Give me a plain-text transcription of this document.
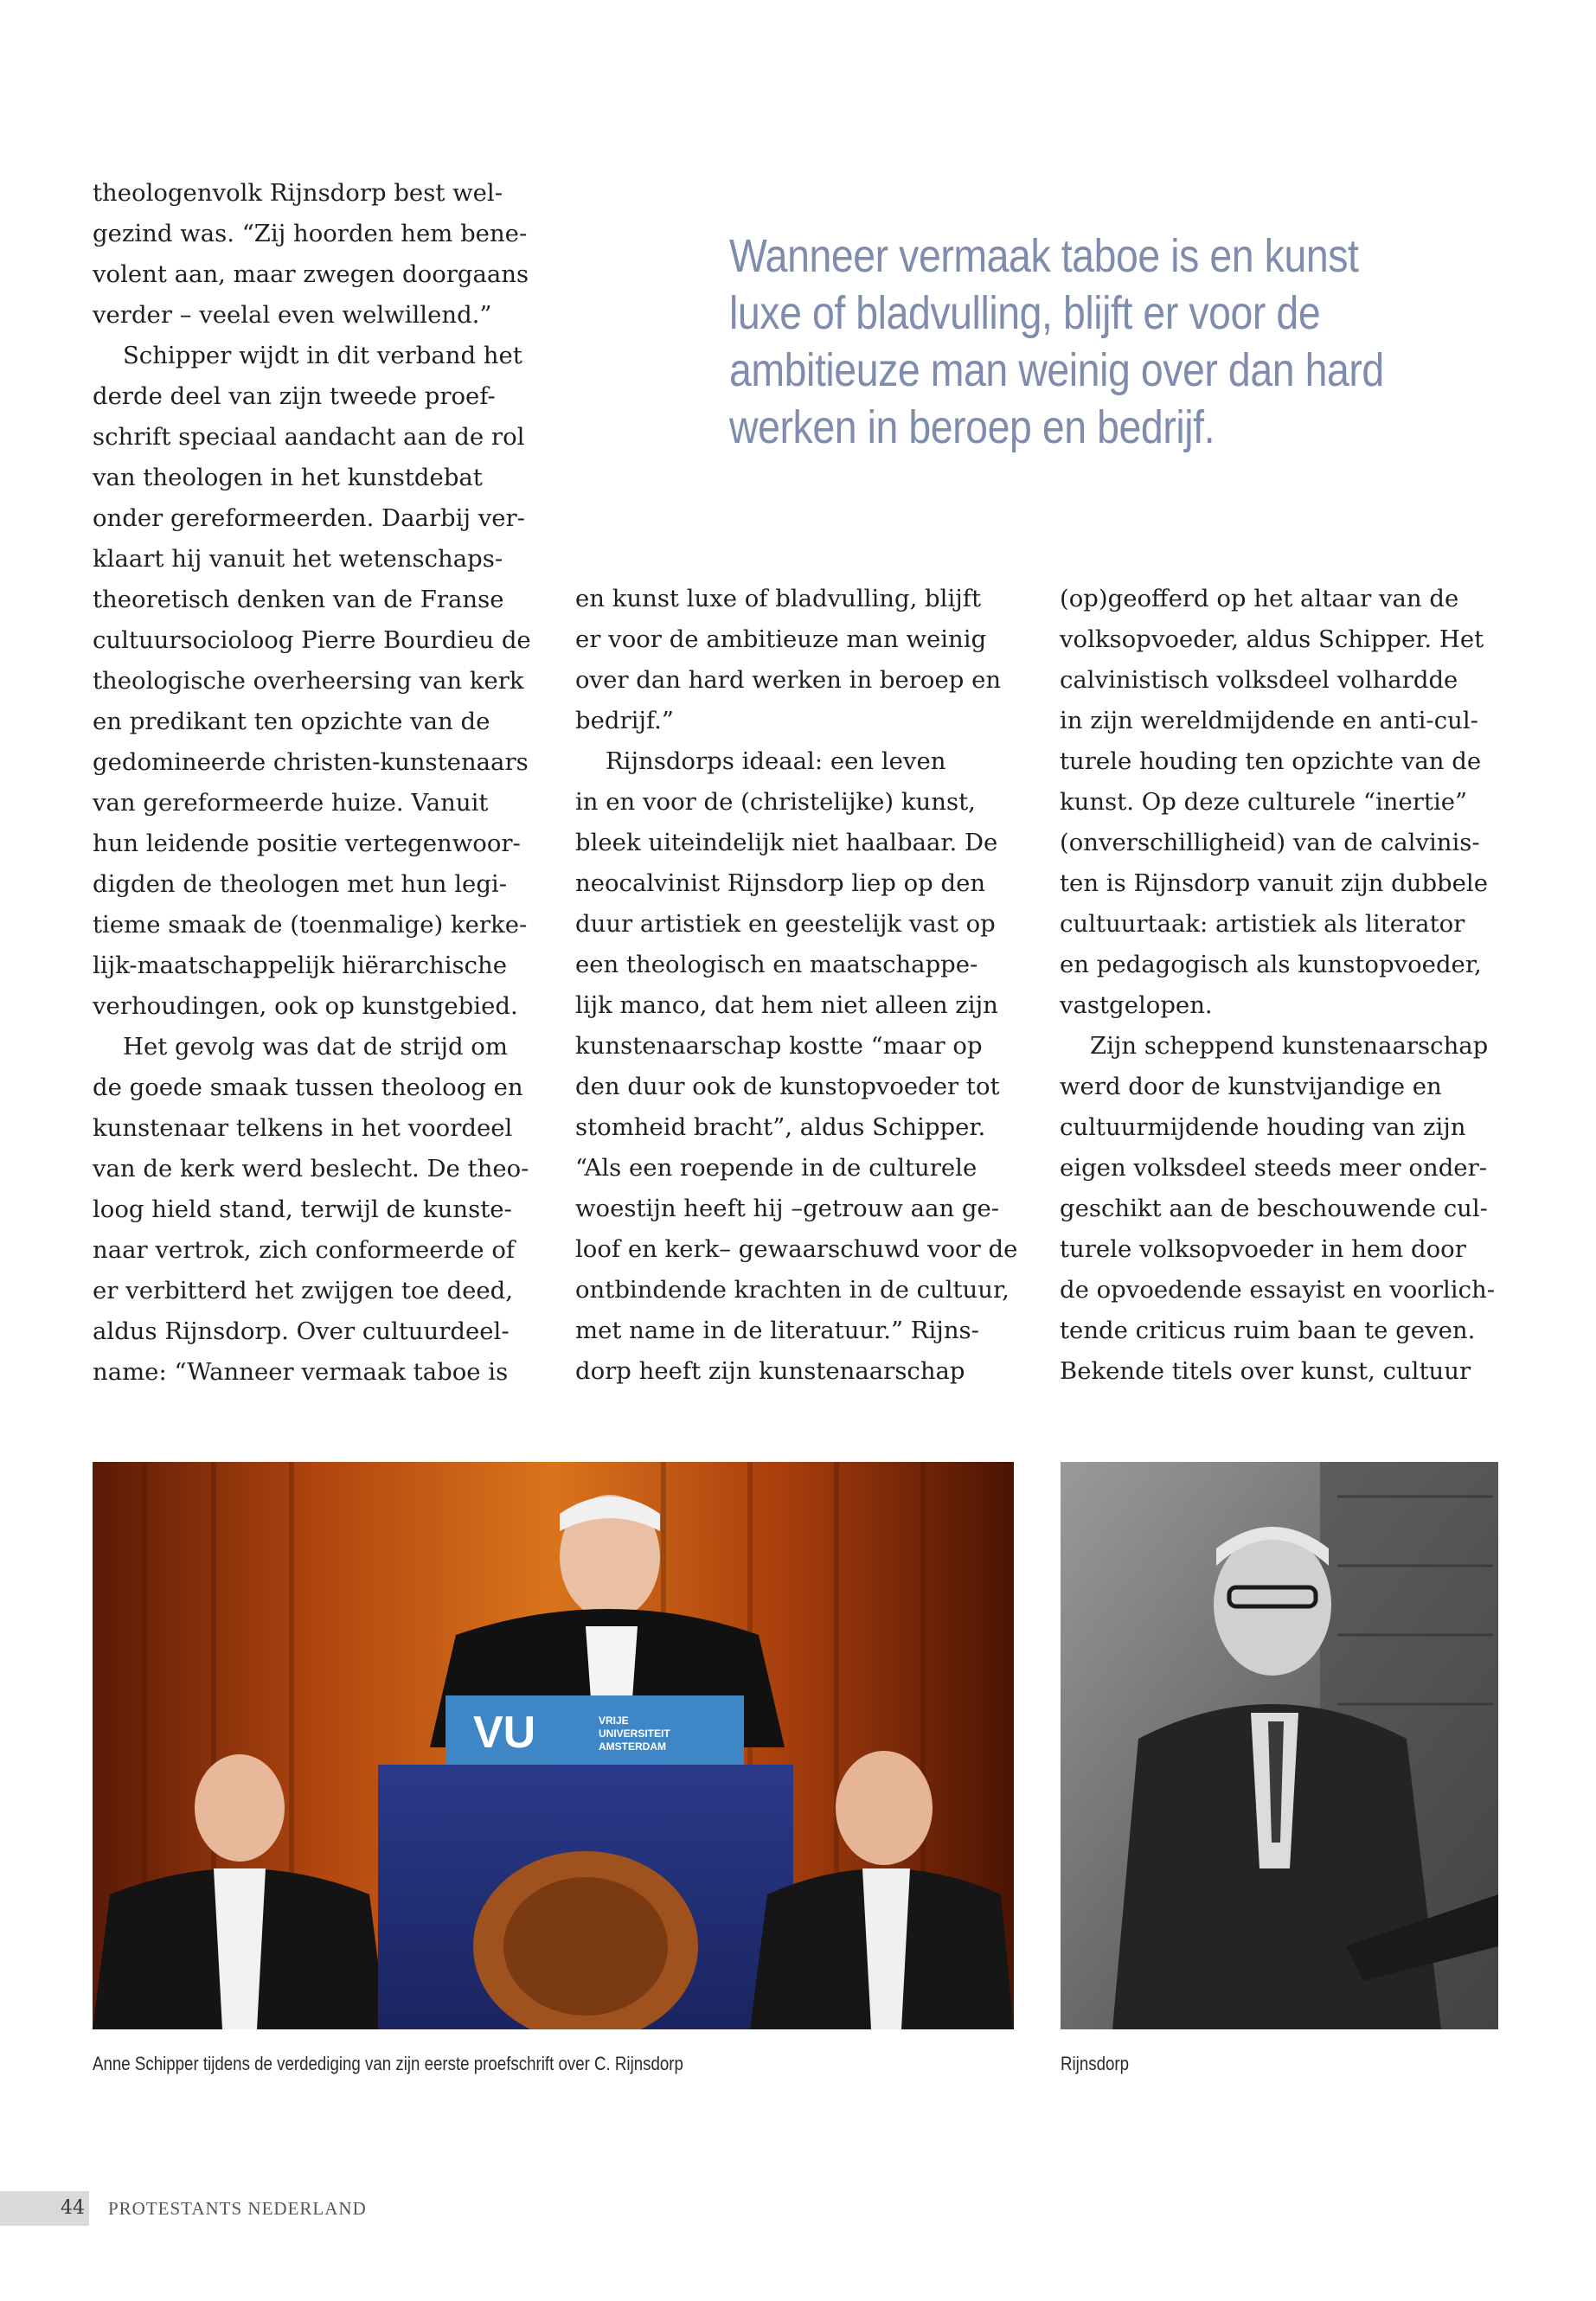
theologenvolk Rijnsdorp best wel-
gezind was. “Zij hoorden hem bene-
volent aan, maar zwegen doorgaans
verder – veelal even welwillend.”
Schipper wijdt in dit verband het
derde deel van zijn tweede proef-
schrift speciaal aandacht aan de rol
van theologen in het kunstdebat
onder gereformeerden. Daarbij ver-
klaart hij vanuit het wetenschaps-
theoretisch denken van de Franse
cultuursocioloog Pierre Bourdieu de
theologische overheersing van kerk
en predikant ten opzichte van de
gedomineerde christen-kunstenaars
van gereformeerde huize. Vanuit
hun leidende positie vertegenwoor-
digden de theologen met hun legi-
tieme smaak de (toenmalige) kerke-
lijk-maatschappelijk hiërarchische
verhoudingen, ook op kunstgebied.
Het gevolg was dat de strijd om
de goede smaak tussen theoloog en
kunstenaar telkens in het voordeel
van de kerk werd beslecht. De theo-
loog hield stand, terwijl de kunste-
naar vertrok, zich conformeerde of
er verbitterd het zwijgen toe deed,
aldus Rijnsdorp. Over cultuurdeel-
name: “Wanneer vermaak taboe is
Wanneer vermaak taboe is en kunst
luxe of bladvulling, blijft er voor de
ambitieuze man weinig over dan hard
werken in beroep en bedrijf.
en kunst luxe of bladvulling, blijft
er voor de ambitieuze man weinig
over dan hard werken in beroep en
bedrijf.”
Rijnsdorps ideaal: een leven
in en voor de (christelijke) kunst,
bleek uiteindelijk niet haalbaar. De
neocalvinist Rijnsdorp liep op den
duur artistiek en geestelijk vast op
een theologisch en maatschappe-
lijk manco, dat hem niet alleen zijn
kunstenaarschap kostte “maar op
den duur ook de kunstopvoeder tot
stomheid bracht”, aldus Schipper.
“Als een roepende in de culturele
woestijn heeft hij –getrouw aan ge-
loof en kerk– gewaarschuwd voor de
ontbindende krachten in de cultuur,
met name in de literatuur.” Rijns-
dorp heeft zijn kunstenaarschap
(op)geofferd op het altaar van de
volksopvoeder, aldus Schipper. Het
calvinistisch volksdeel volhardde
in zijn wereldmijdende en anti-cul-
turele houding ten opzichte van de
kunst. Op deze culturele “inertie”
(onverschilligheid) van de calvinis-
ten is Rijnsdorp vanuit zijn dubbele
cultuurtaak: artistiek als literator
en pedagogisch als kunstopvoeder,
vastgelopen.
Zijn scheppend kunstenaarschap
werd door de kunstvijandige en
cultuurmijdende houding van zijn
eigen volksdeel steeds meer onder-
geschikt aan de beschouwende cul-
turele volksopvoeder in hem door
de opvoedende essayist en voorlich-
tende criticus ruim baan te geven.
Bekende titels over kunst, cultuur
VU	VRIJE
UNIVERSITEIT
AMSTERDAM
Anne Schipper tijdens de verdediging van zijn eerste proefschrift over C. Rijnsdorp	Rijnsdorp
44 PROTESTANTS NEDERLAND
